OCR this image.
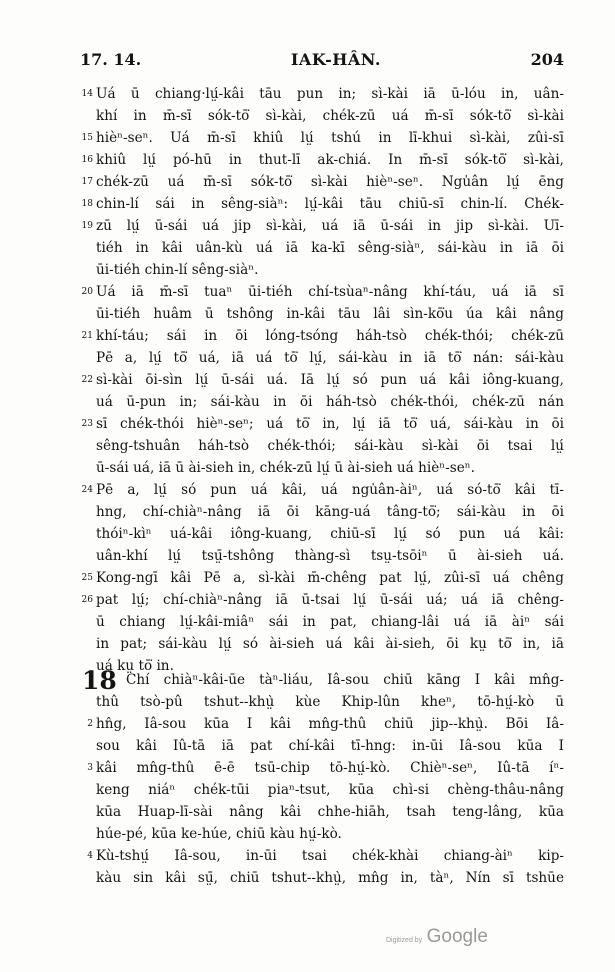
17. 14.	IAK-HÂN.	204
18
14 Uá ū chiang·lṳ́-kâi tāu pun in; sì-kài iā ū-lóu in, uân-
khí in m̄-sī sók-tō͘ sì-kài, chék-zū uá m̄-sī sók-tō͘ sì-kài
15 hièⁿ-seⁿ. Uá m̄-sī khiû lṳ́ tshú in lī-khui sì-kài, zûi-sī
16 khiû lṳ́ pó-hū in thut-lī ak-chiá. In m̄-sī sók-tō͘ sì-kài,
17 chék-zū uá m̄-sī sók-tō͘ sì-kài hièⁿ-seⁿ. Ngu̍ân lṳ́ ēng
18 chin-lí sái in sêng-siàⁿ: lṳ́-kâi tāu chiū-sī chin-lí. Chék-
19 zū lṳ́ ū-sái uá jip sì-kài, uá iā ū-sái in jip sì-kài. Uī-
tiéh in kâi uân-kù uá iā ka-kī sêng-siàⁿ, sái-kàu in iā ōi
ūi-tiéh chin-lí sêng-siàⁿ.
20 Uá iā m̄-sī tuaⁿ ūi-tiéh chí-tsùaⁿ-nâng khí-táu, uá iā sī
ūi-tiéh huâm ū tshông in-kâi tāu lâi sìn-kō͘u úa kâi nâng
21 khí-táu; sái in ōi lóng-tsóng háh-tsò chék-thói; chék-zū
Pē a, lṳ́ tō͘ uá, iā uá tō͘ lṳ́, sái-kàu in iā tō͘ nán: sái-kàu
22 sì-kài ōi-sìn lṳ́ ū-sái uá. Iā lṳ́ só pun uá kâi iông-kuang,
uá ū-pun in; sái-kàu in ōi háh-tsò chék-thói, chék-zū nán
23 sī chék-thói hièⁿ-seⁿ; uá tō͘ in, lṳ́ iā tō͘ uá, sái-kàu in ōi
sêng-tshuân háh-tsò chék-thói; sái-kàu sì-kài ōi tsai lṳ́
ū-sái uá, iā ū ài-sieh in, chék-zū lṳ́ ū ài-sieh uá hièⁿ-seⁿ.
24 Pē a, lṳ́ só pun uá kâi, uá ngu̍ân-àiⁿ, uá só-tō͘ kâi tī-
hng, chí-chiàⁿ-nâng iā ōi kāng-uá tâng-tō͘; sái-kàu in ōi
thóiⁿ-kìⁿ uá-kâi iông-kuang, chiū-sī lṳ́ só pun uá kâi:
uân-khí lṳ́ tsṳ̄-tshông thàng-sì tsṳ-tsōiⁿ ū ài-sieh uá.
25 Kong-ngī kâi Pē a, sì-kài m̄-chêng pat lṳ́, zûi-sī uá chêng
26 pat lṳ́; chí-chiàⁿ-nâng iā ū-tsai lṳ́ ū-sái uá; uá iā chêng-
ū chiang lṳ́-kâi-miâⁿ sái in pat, chiang-lâi uá iā àiⁿ sái
in pat; sái-kàu lṳ́ só ài-sieh uá kâi ài-sieh, ōi kṳ tō͘ in, iā
uá kṳ tō͘ in.
Chí chiàⁿ-kâi-ūe tàⁿ-liáu, Iâ-sou chiū kāng I kâi mn̂g-
thû tsò-pû tshut--khṳ̀ kùe Khip-lûn kheⁿ, tō-hṳ́-kò ū
2 hn̂g, Iâ-sou kūa I kâi mn̂g-thû chiū jip--khṳ̀. Bōi Iâ-
sou kâi Iû-tā iā pat chí-kâi tī-hng: in-ūi Iâ-sou kūa I
3 kâi mn̂g-thû ē-ē tsū-chip tō-hṳ́-kò. Chièⁿ-seⁿ, Iû-tā íⁿ-
keng niáⁿ chék-tūi piaⁿ-tsut, kūa chì-si chèng-thâu-nâng
kūa Huap-lī-sài nâng kâi chhe-hiāh, tsah teng-lâng, kūa
húe-pé, kūa ke-húe, chiū kàu hṳ́-kò.
4 Kù-tshṳ́ Iâ-sou, in-ūi tsai chék-khài chiang-àiⁿ kip-
kàu sin kâi sṳ̄, chiū tshut--khṳ̀, mn̂g in, tàⁿ, Nín sī tshūe
Digitized by Google
